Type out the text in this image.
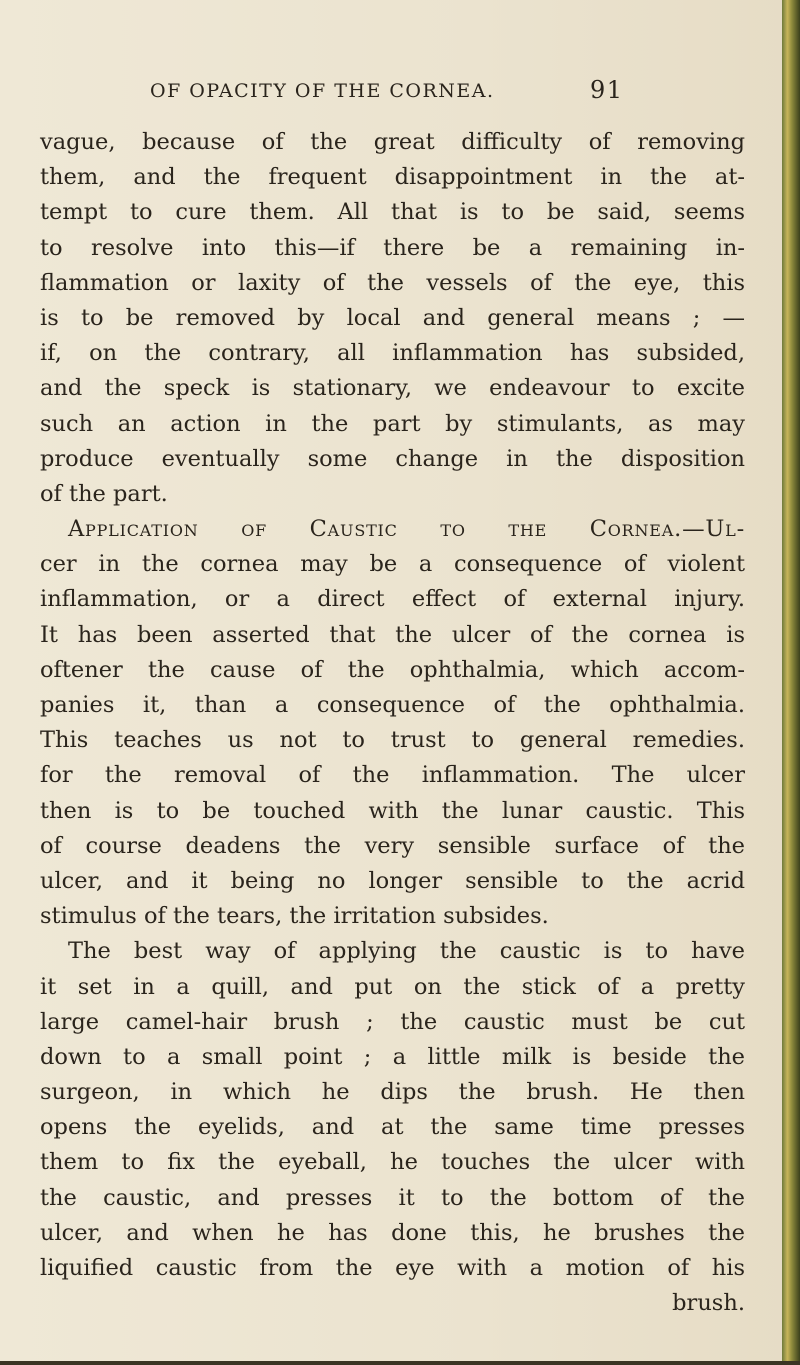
OF OPACITY OF THE CORNEA.	91
vague, because of the great difficulty of removing
them, and the frequent disappointment in the at-
tempt to cure them. All that is to be said, seems
to resolve into this—if there be a remaining in-
flammation or laxity of the vessels of the eye, this
is to be removed by local and general means ; —
if, on the contrary, all inflammation has subsided,
and the speck is stationary, we endeavour to excite
such an action in the part by stimulants, as may
produce eventually some change in the disposition
of the part.
Application of Caustic to the Cornea.—Ul-
cer in the cornea may be a consequence of violent
inflammation, or a direct effect of external injury.
It has been asserted that the ulcer of the cornea is
oftener the cause of the ophthalmia, which accom-
panies it, than a consequence of the ophthalmia.
This teaches us not to trust to general remedies.
for the removal of the inflammation. The ulcer
then is to be touched with the lunar caustic. This
of course deadens the very sensible surface of the
ulcer, and it being no longer sensible to the acrid
stimulus of the tears, the irritation subsides.
The best way of applying the caustic is to have
it set in a quill, and put on the stick of a pretty
large camel-hair brush ; the caustic must be cut
down to a small point ; a little milk is beside the
surgeon, in which he dips the brush. He then
opens the eyelids, and at the same time presses
them to fix the eyeball, he touches the ulcer with
the caustic, and presses it to the bottom of the
ulcer, and when he has done this, he brushes the
liquified caustic from the eye with a motion of his
brush.
